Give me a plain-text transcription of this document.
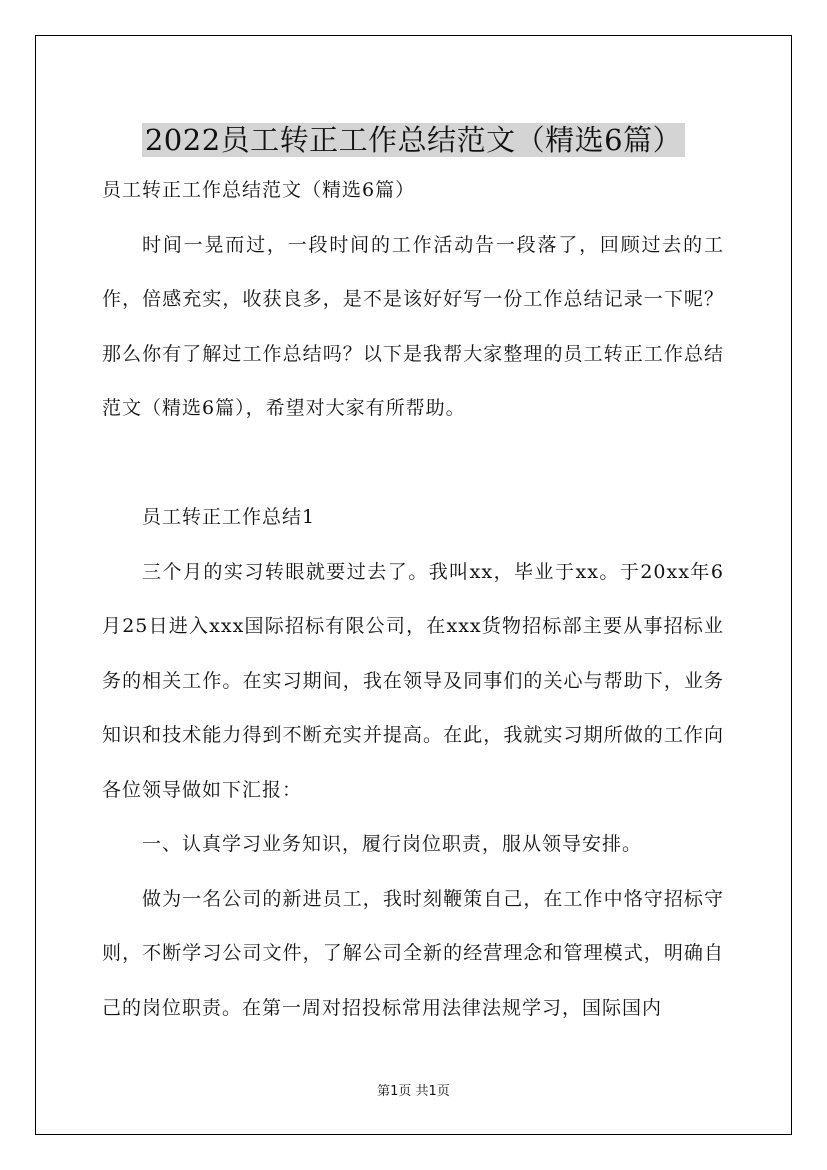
2022员工转正工作总结范文（精选6篇）

员工转正工作总结范文（精选6篇）

时间一晃而过，一段时间的工作活动告一段落了，回顾过去的工作，倍感充实，收获良多，是不是该好好写一份工作总结记录一下呢？那么你有了解过工作总结吗？以下是我帮大家整理的员工转正工作总结范文（精选6篇），希望对大家有所帮助。

员工转正工作总结1

三个月的实习转眼就要过去了。我叫xx，毕业于xx。于20xx年6月25日进入xxx国际招标有限公司，在xxx货物招标部主要从事招标业务的相关工作。在实习期间，我在领导及同事们的关心与帮助下，业务知识和技术能力得到不断充实并提高。在此，我就实习期所做的工作向各位领导做如下汇报：

一、认真学习业务知识，履行岗位职责，服从领导安排。

做为一名公司的新进员工，我时刻鞭策自己，在工作中恪守招标守则，不断学习公司文件，了解公司全新的经营理念和管理模式，明确自己的岗位职责。在第一周对招投标常用法律法规学习，国际国内

第1页 共1页
